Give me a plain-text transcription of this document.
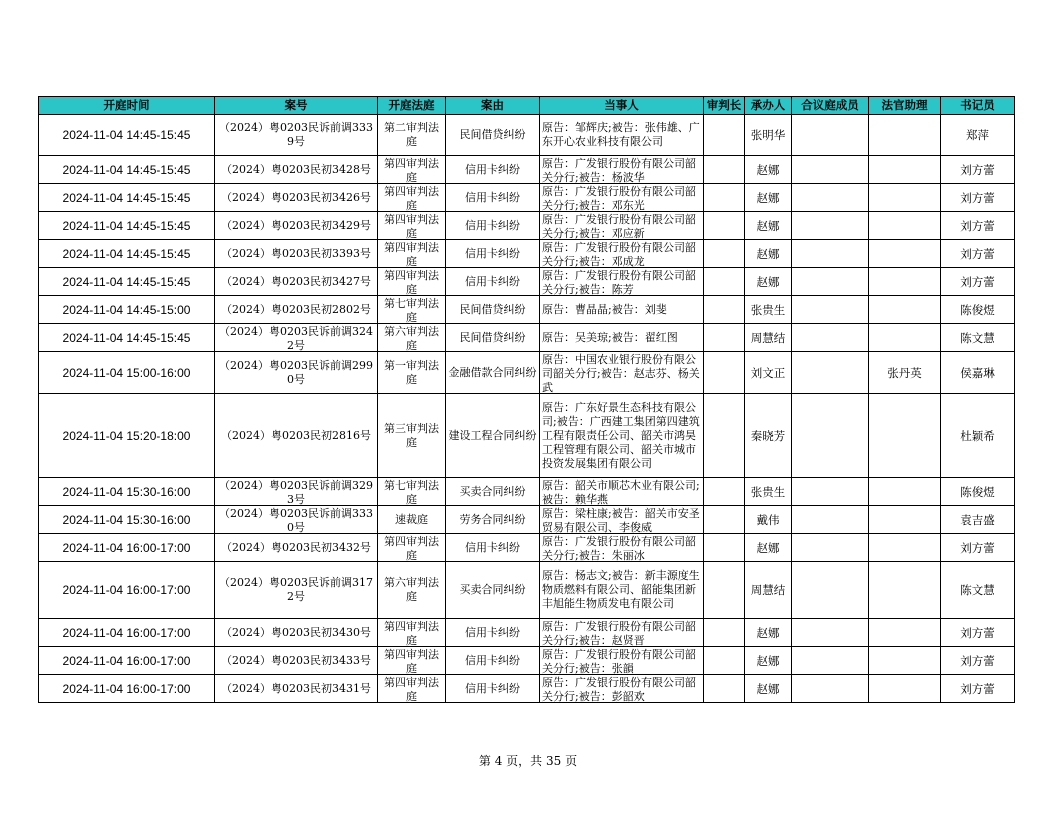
开庭时间	案号	开庭法庭	案由	当事人	审判长	承办人	合议庭成员	法官助理	书记员

2024-11-04 14:45-15:45	（2024）粤0203民诉前调3339号	第二审判法庭	民间借贷纠纷	原告：邹辉庆;被告：张伟雄、广东开心农业科技有限公司		张明华			郑萍

2024-11-04 14:45-15:45	（2024）粤0203民初3428号	第四审判法庭	信用卡纠纷	原告：广发银行股份有限公司韶关分行;被告：杨波华		赵娜			刘方蕾

2024-11-04 14:45-15:45	（2024）粤0203民初3426号	第四审判法庭	信用卡纠纷	原告：广发银行股份有限公司韶关分行;被告：邓东光		赵娜			刘方蕾

2024-11-04 14:45-15:45	（2024）粤0203民初3429号	第四审判法庭	信用卡纠纷	原告：广发银行股份有限公司韶关分行;被告：邓应新		赵娜			刘方蕾

2024-11-04 14:45-15:45	（2024）粤0203民初3393号	第四审判法庭	信用卡纠纷	原告：广发银行股份有限公司韶关分行;被告：邓成龙		赵娜			刘方蕾

2024-11-04 14:45-15:45	（2024）粤0203民初3427号	第四审判法庭	信用卡纠纷	原告：广发银行股份有限公司韶关分行;被告：陈芳		赵娜			刘方蕾

2024-11-04 14:45-15:00	（2024）粤0203民初2802号	第七审判法庭	民间借贷纠纷	原告：曹晶晶;被告：刘斐		张贵生			陈俊煜

2024-11-04 14:45-15:45	（2024）粤0203民诉前调3242号	第六审判法庭	民间借贷纠纷	原告：吴美琼;被告：翟红图		周慧结			陈文慧

2024-11-04 15:00-16:00	（2024）粤0203民诉前调2990号	第一审判法庭	金融借款合同纠纷	原告：中国农业银行股份有限公司韶关分行;被告：赵志芬、杨关武		刘文正		张丹英	侯嘉琳

2024-11-04 15:20-18:00	（2024）粤0203民初2816号	第三审判法庭	建设工程合同纠纷	原告：广东好景生态科技有限公司;被告：广西建工集团第四建筑工程有限责任公司、韶关市鸿昊工程管理有限公司、韶关市城市投资发展集团有限公司		秦晓芳			杜颖希

2024-11-04 15:30-16:00	（2024）粤0203民诉前调3293号	第七审判法庭	买卖合同纠纷	原告：韶关市顺芯木业有限公司;被告：赖华燕		张贵生			陈俊煜

2024-11-04 15:30-16:00	（2024）粤0203民诉前调3330号	速裁庭	劳务合同纠纷	原告：梁柱康;被告：韶关市安圣贸易有限公司、李俊威		戴伟			袁吉盛

2024-11-04 16:00-17:00	（2024）粤0203民初3432号	第四审判法庭	信用卡纠纷	原告：广发银行股份有限公司韶关分行;被告：朱丽冰		赵娜			刘方蕾

2024-11-04 16:00-17:00	（2024）粤0203民诉前调3172号	第六审判法庭	买卖合同纠纷	原告：杨志文;被告：新丰源度生物质燃料有限公司、韶能集团新丰旭能生物质发电有限公司		周慧结			陈文慧

2024-11-04 16:00-17:00	（2024）粤0203民初3430号	第四审判法庭	信用卡纠纷	原告：广发银行股份有限公司韶关分行;被告：赵贤晋		赵娜			刘方蕾

2024-11-04 16:00-17:00	（2024）粤0203民初3433号	第四审判法庭	信用卡纠纷	原告：广发银行股份有限公司韶关分行;被告：张韻		赵娜			刘方蕾

2024-11-04 16:00-17:00	（2024）粤0203民初3431号	第四审判法庭	信用卡纠纷	原告：广发银行股份有限公司韶关分行;被告：彭韶欢		赵娜			刘方蕾
第 4 页，共 35 页
